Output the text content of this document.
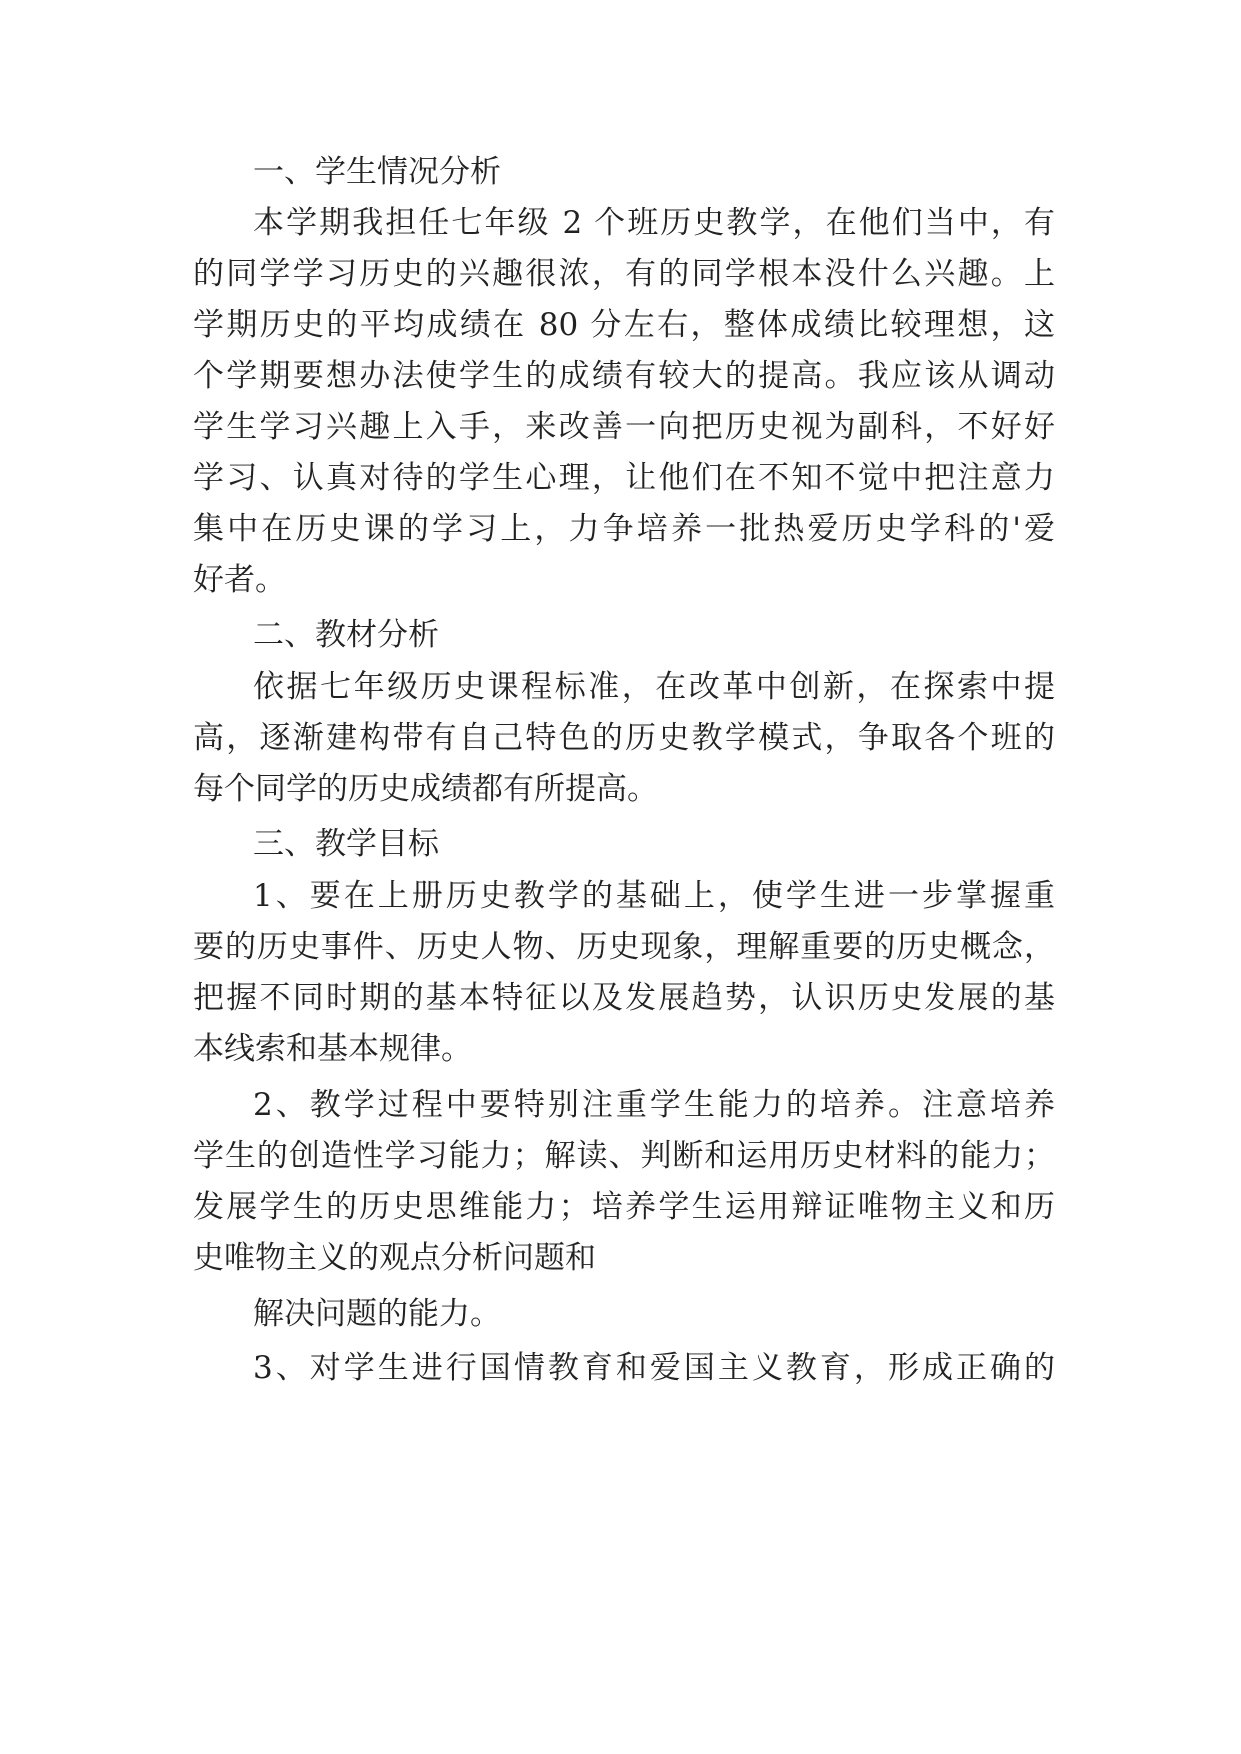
一、学生情况分析
本学期我担任七年级 2 个班历史教学，在他们当中，有
的同学学习历史的兴趣很浓，有的同学根本没什么兴趣。上
学期历史的平均成绩在 80 分左右，整体成绩比较理想，这
个学期要想办法使学生的成绩有较大的提高。我应该从调动
学生学习兴趣上入手，来改善一向把历史视为副科，不好好
学习、认真对待的学生心理，让他们在不知不觉中把注意力
集中在历史课的学习上，力争培养一批热爱历史学科的'爱
好者。
二、教材分析
依据七年级历史课程标准，在改革中创新，在探索中提
高，逐渐建构带有自己特色的历史教学模式，争取各个班的
每个同学的历史成绩都有所提高。
三、教学目标
1、要在上册历史教学的基础上，使学生进一步掌握重
要的历史事件、历史人物、历史现象，理解重要的历史概念，
把握不同时期的基本特征以及发展趋势，认识历史发展的基
本线索和基本规律。
2、教学过程中要特别注重学生能力的培养。注意培养
学生的创造性学习能力；解读、判断和运用历史材料的能力；
发展学生的历史思维能力；培养学生运用辩证唯物主义和历
史唯物主义的观点分析问题和
解决问题的能力。
3、对学生进行国情教育和爱国主义教育，形成正确的
